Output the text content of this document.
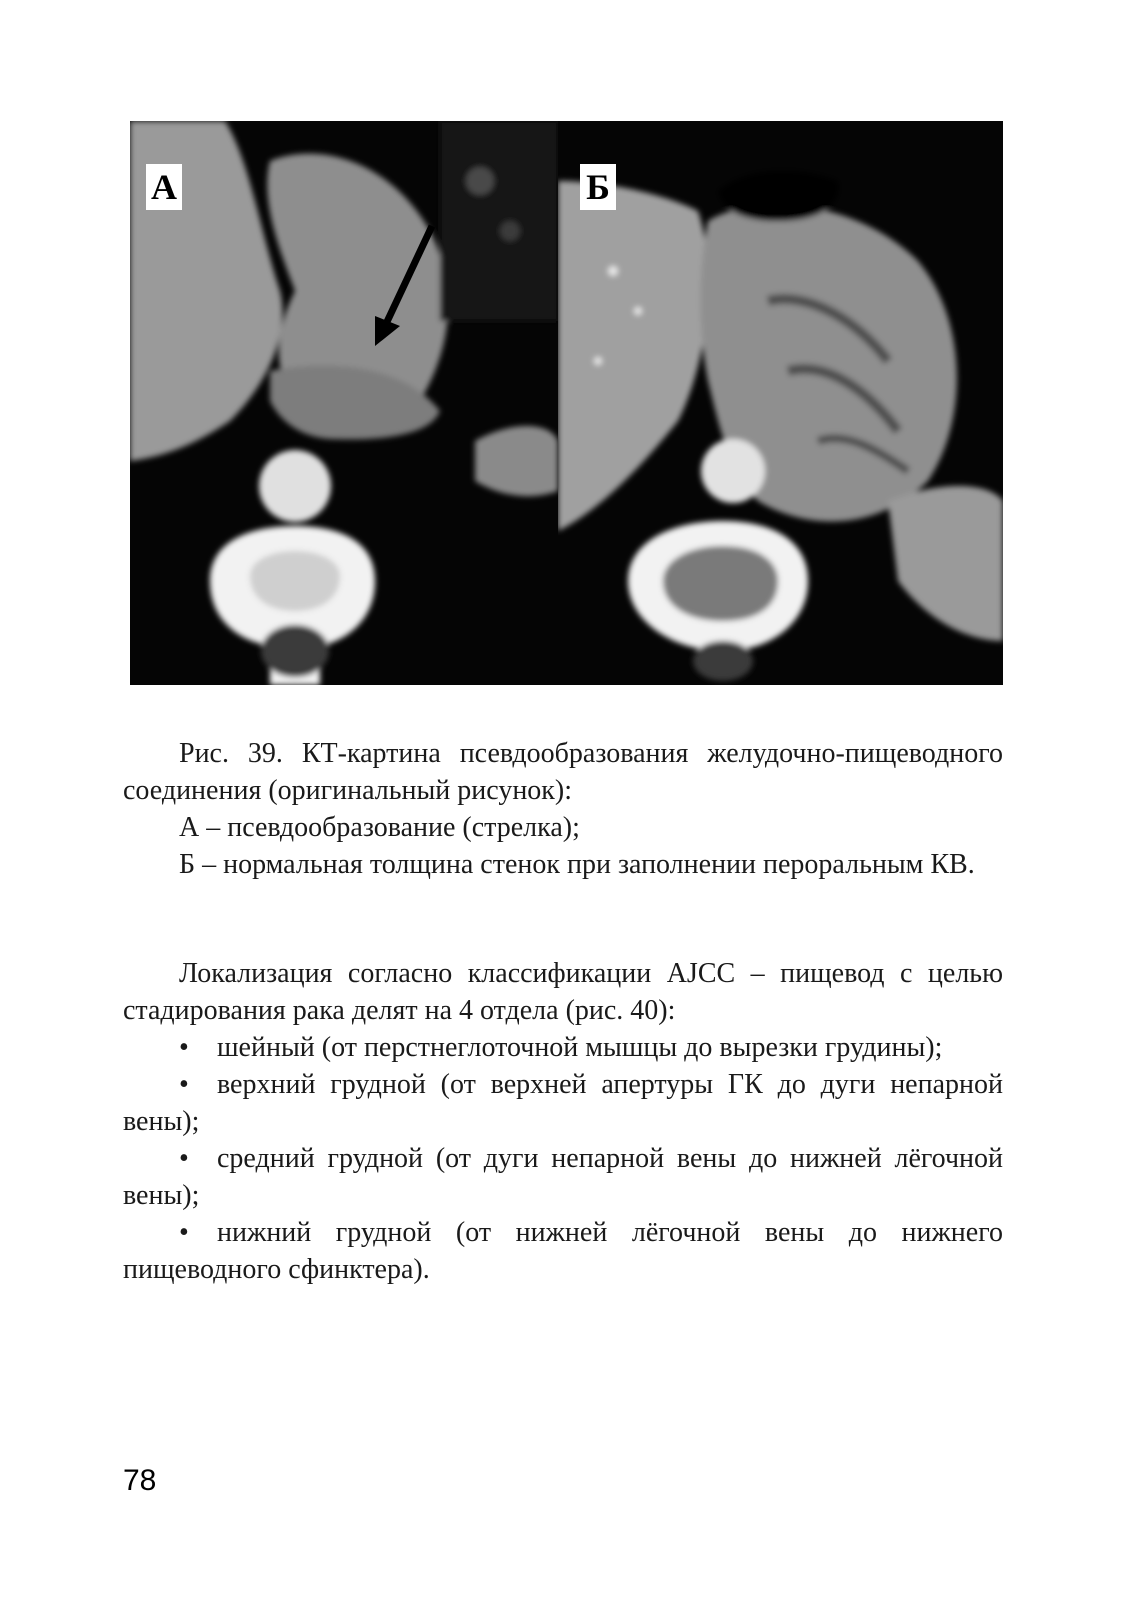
А	Б

Рис. 39. КТ-картина псевдообразования желудочно-пищеводного соединения (оригинальный рисунок):

А – псевдообразование (стрелка);

Б – нормальная толщина стенок при заполнении пероральным КВ.

Локализация согласно классификации AJCC – пищевод с целью стадирования рака делят на 4 отдела (рис. 40):

• шейный (от перстнеглоточной мышцы до вырезки грудины);

• верхний грудной (от верхней апертуры ГК до дуги непарной вены);

• средний грудной (от дуги непарной вены до нижней лёгочной вены);

• нижний грудной (от нижней лёгочной вены до нижнего пищеводного сфинктера).

78
